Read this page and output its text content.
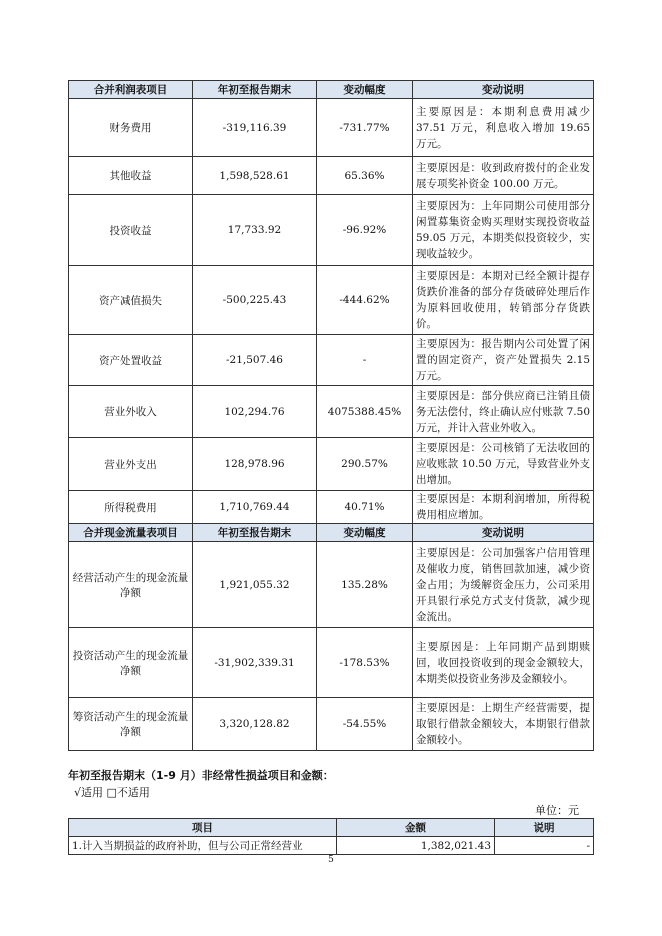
合并利润表项目	年初至报告期末	变动幅度	变动说明
财务费用	-319,116.39	-731.77%	主要原因是：本期利息费用减少37.51 万元，利息收入增加 19.65 万元。
其他收益	1,598,528.61	65.36%	主要原因是：收到政府拨付的企业发展专项奖补资金 100.00 万元。
投资收益	17,733.92	-96.92%	主要原因为：上年同期公司使用部分闲置募集资金购买理财实现投资收益 59.05 万元，本期类似投资较少，实现收益较少。
资产减值损失	-500,225.43	-444.62%	主要原因是：本期对已经全额计提存货跌价准备的部分存货破碎处理后作为原料回收使用，转销部分存货跌价。
资产处置收益	-21,507.46	-	主要原因为：报告期内公司处置了闲置的固定资产，资产处置损失 2.15 万元。
营业外收入	102,294.76	4075388.45%	主要原因是：部分供应商已注销且债务无法偿付，终止确认应付账款 7.50 万元，并计入营业外收入。
营业外支出	128,978.96	290.57%	主要原因是：公司核销了无法收回的应收账款 10.50 万元，导致营业外支出增加。
所得税费用	1,710,769.44	40.71%	主要原因是：本期利润增加，所得税费用相应增加。
合并现金流量表项目	年初至报告期末	变动幅度	变动说明
经营活动产生的现金流量净额	1,921,055.32	135.28%	主要原因是：公司加强客户信用管理及催收力度，销售回款加速，减少资金占用；为缓解资金压力，公司采用开具银行承兑方式支付货款，减少现金流出。
投资活动产生的现金流量净额	-31,902,339.31	-178.53%	主要原因是：上年同期产品到期赎回，收回投资收到的现金金额较大，本期类似投资业务涉及金额较小。
筹资活动产生的现金流量净额	3,320,128.82	-54.55%	主要原因是：上期生产经营需要，提取银行借款金额较大，本期银行借款金额较小。
年初至报告期末（1-9 月）非经常性损益项目和金额：
√适用 □不适用
单位：元
项目	金额	说明
1.计入当期损益的政府补助，但与公司正常经营业	1,382,021.43	-
5
